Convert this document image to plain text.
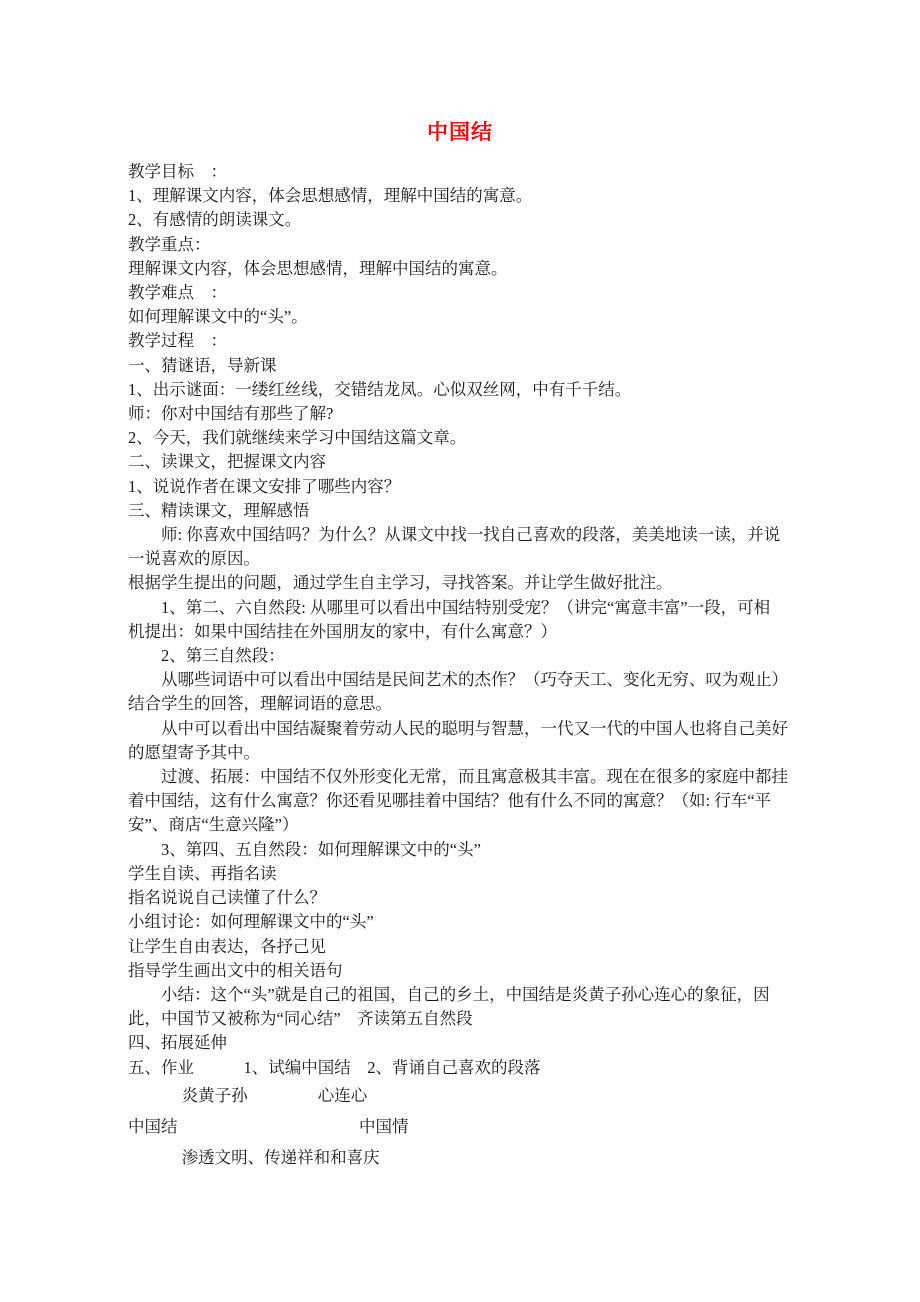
中国结
教学目标　：
1、理解课文内容，体会思想感情，理解中国结的寓意。
2、有感情的朗读课文。
教学重点：
理解课文内容，体会思想感情，理解中国结的寓意。
教学难点　：
如何理解课文中的“头”。
教学过程　：
一、猜谜语，导新课
1、出示谜面：一缕红丝线，交错结龙凤。心似双丝网，中有千千结。
师：你对中国结有那些了解?
2、今天，我们就继续来学习中国结这篇文章。
二、读课文，把握课文内容
1、说说作者在课文安排了哪些内容？
三、精读课文，理解感悟
　　师: 你喜欢中国结吗？为什么？从课文中找一找自己喜欢的段落，美美地读一读，并说
一说喜欢的原因。
根据学生提出的问题，通过学生自主学习，寻找答案。并让学生做好批注。
　　1、第二、六自然段: 从哪里可以看出中国结特别受宠？（讲完“寓意丰富”一段，可相
机提出：如果中国结挂在外国朋友的家中，有什么寓意？）
　　2、第三自然段：
　　从哪些词语中可以看出中国结是民间艺术的杰作？（巧夺天工、变化无穷、叹为观止）
结合学生的回答，理解词语的意思。
　　从中可以看出中国结凝聚着劳动人民的聪明与智慧，一代又一代的中国人也将自己美好
的愿望寄予其中。
　　过渡、拓展：中国结不仅外形变化无常，而且寓意极其丰富。现在在很多的家庭中都挂
着中国结，这有什么寓意？你还看见哪挂着中国结？他有什么不同的寓意？（如: 行车“平
安”、商店“生意兴隆”）
　　3、第四、五自然段：如何理解课文中的“头”
学生自读、再指名读
指名说说自己读懂了什么？
小组讨论：如何理解课文中的“头”
让学生自由表达，各抒己见
指导学生画出文中的相关语句
　　小结：这个“头”就是自己的祖国，自己的乡土，中国结是炎黄子孙心连心的象征，因
此，中国节又被称为“同心结”　齐读第五自然段
四、拓展延伸
五、作业　　　1、试编中国结　2、背诵自己喜欢的段落
　　　 炎黄子孙　　　　 心连心
中国结　　　　　　　　　　　中国情
　　　 渗透文明、传递祥和和喜庆
